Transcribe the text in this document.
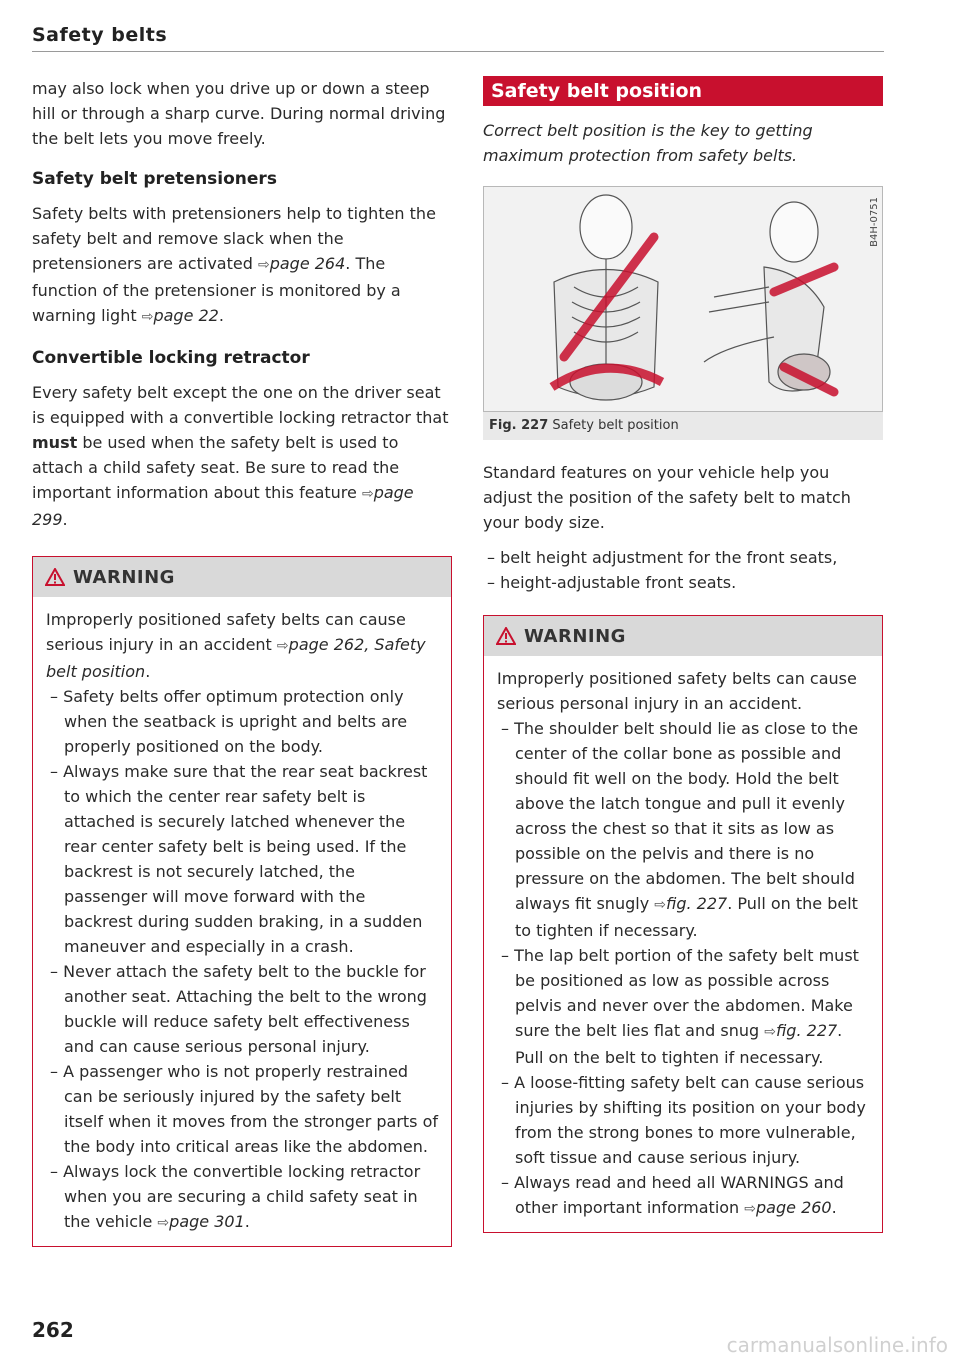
Safety belts

may also lock when you drive up or down a steep hill or through a sharp curve. During normal driving the belt lets you move freely.

Safety belt pretensioners

Safety belts with pretensioners help to tighten the safety belt and remove slack when the pretensioners are activated ⇨page 264. The function of the pretensioner is monitored by a warning light ⇨page 22.

Convertible locking retractor

Every safety belt except the one on the driver seat is equipped with a convertible locking retractor that must be used when the safety belt is used to attach a child safety seat. Be sure to read the important information about this feature ⇨page 299.

WARNING

Improperly positioned safety belts can cause serious injury in an accident ⇨page 262, Safety belt position.

– Safety belts offer optimum protection only when the seatback is upright and belts are properly positioned on the body.

– Always make sure that the rear seat backrest to which the center rear safety belt is attached is securely latched whenever the rear center safety belt is being used. If the backrest is not securely latched, the passenger will move forward with the backrest during sudden braking, in a sudden maneuver and especially in a crash.

– Never attach the safety belt to the buckle for another seat. Attaching the belt to the wrong buckle will reduce safety belt effectiveness and can cause serious personal injury.

– A passenger who is not properly restrained can be seriously injured by the safety belt itself when it moves from the stronger parts of the body into critical areas like the abdomen.

– Always lock the convertible locking retractor when you are securing a child safety seat in the vehicle ⇨page 301.

Safety belt position

Correct belt position is the key to getting maximum protection from safety belts.

B4H-0751
Fig. 227 Safety belt position

Standard features on your vehicle help you adjust the position of the safety belt to match your body size.

– belt height adjustment for the front seats,

– height-adjustable front seats.

WARNING

Improperly positioned safety belts can cause serious personal injury in an accident.

– The shoulder belt should lie as close to the center of the collar bone as possible and should fit well on the body. Hold the belt above the latch tongue and pull it evenly across the chest so that it sits as low as possible on the pelvis and there is no pressure on the abdomen. The belt should always fit snugly ⇨fig. 227. Pull on the belt to tighten if necessary.

– The lap belt portion of the safety belt must be positioned as low as possible across pelvis and never over the abdomen. Make sure the belt lies flat and snug ⇨fig. 227. Pull on the belt to tighten if necessary.

– A loose-fitting safety belt can cause serious injuries by shifting its position on your body from the strong bones to more vulnerable, soft tissue and cause serious injury.

– Always read and heed all WARNINGS and other important information ⇨page 260.

262
carmanualsonline.info
